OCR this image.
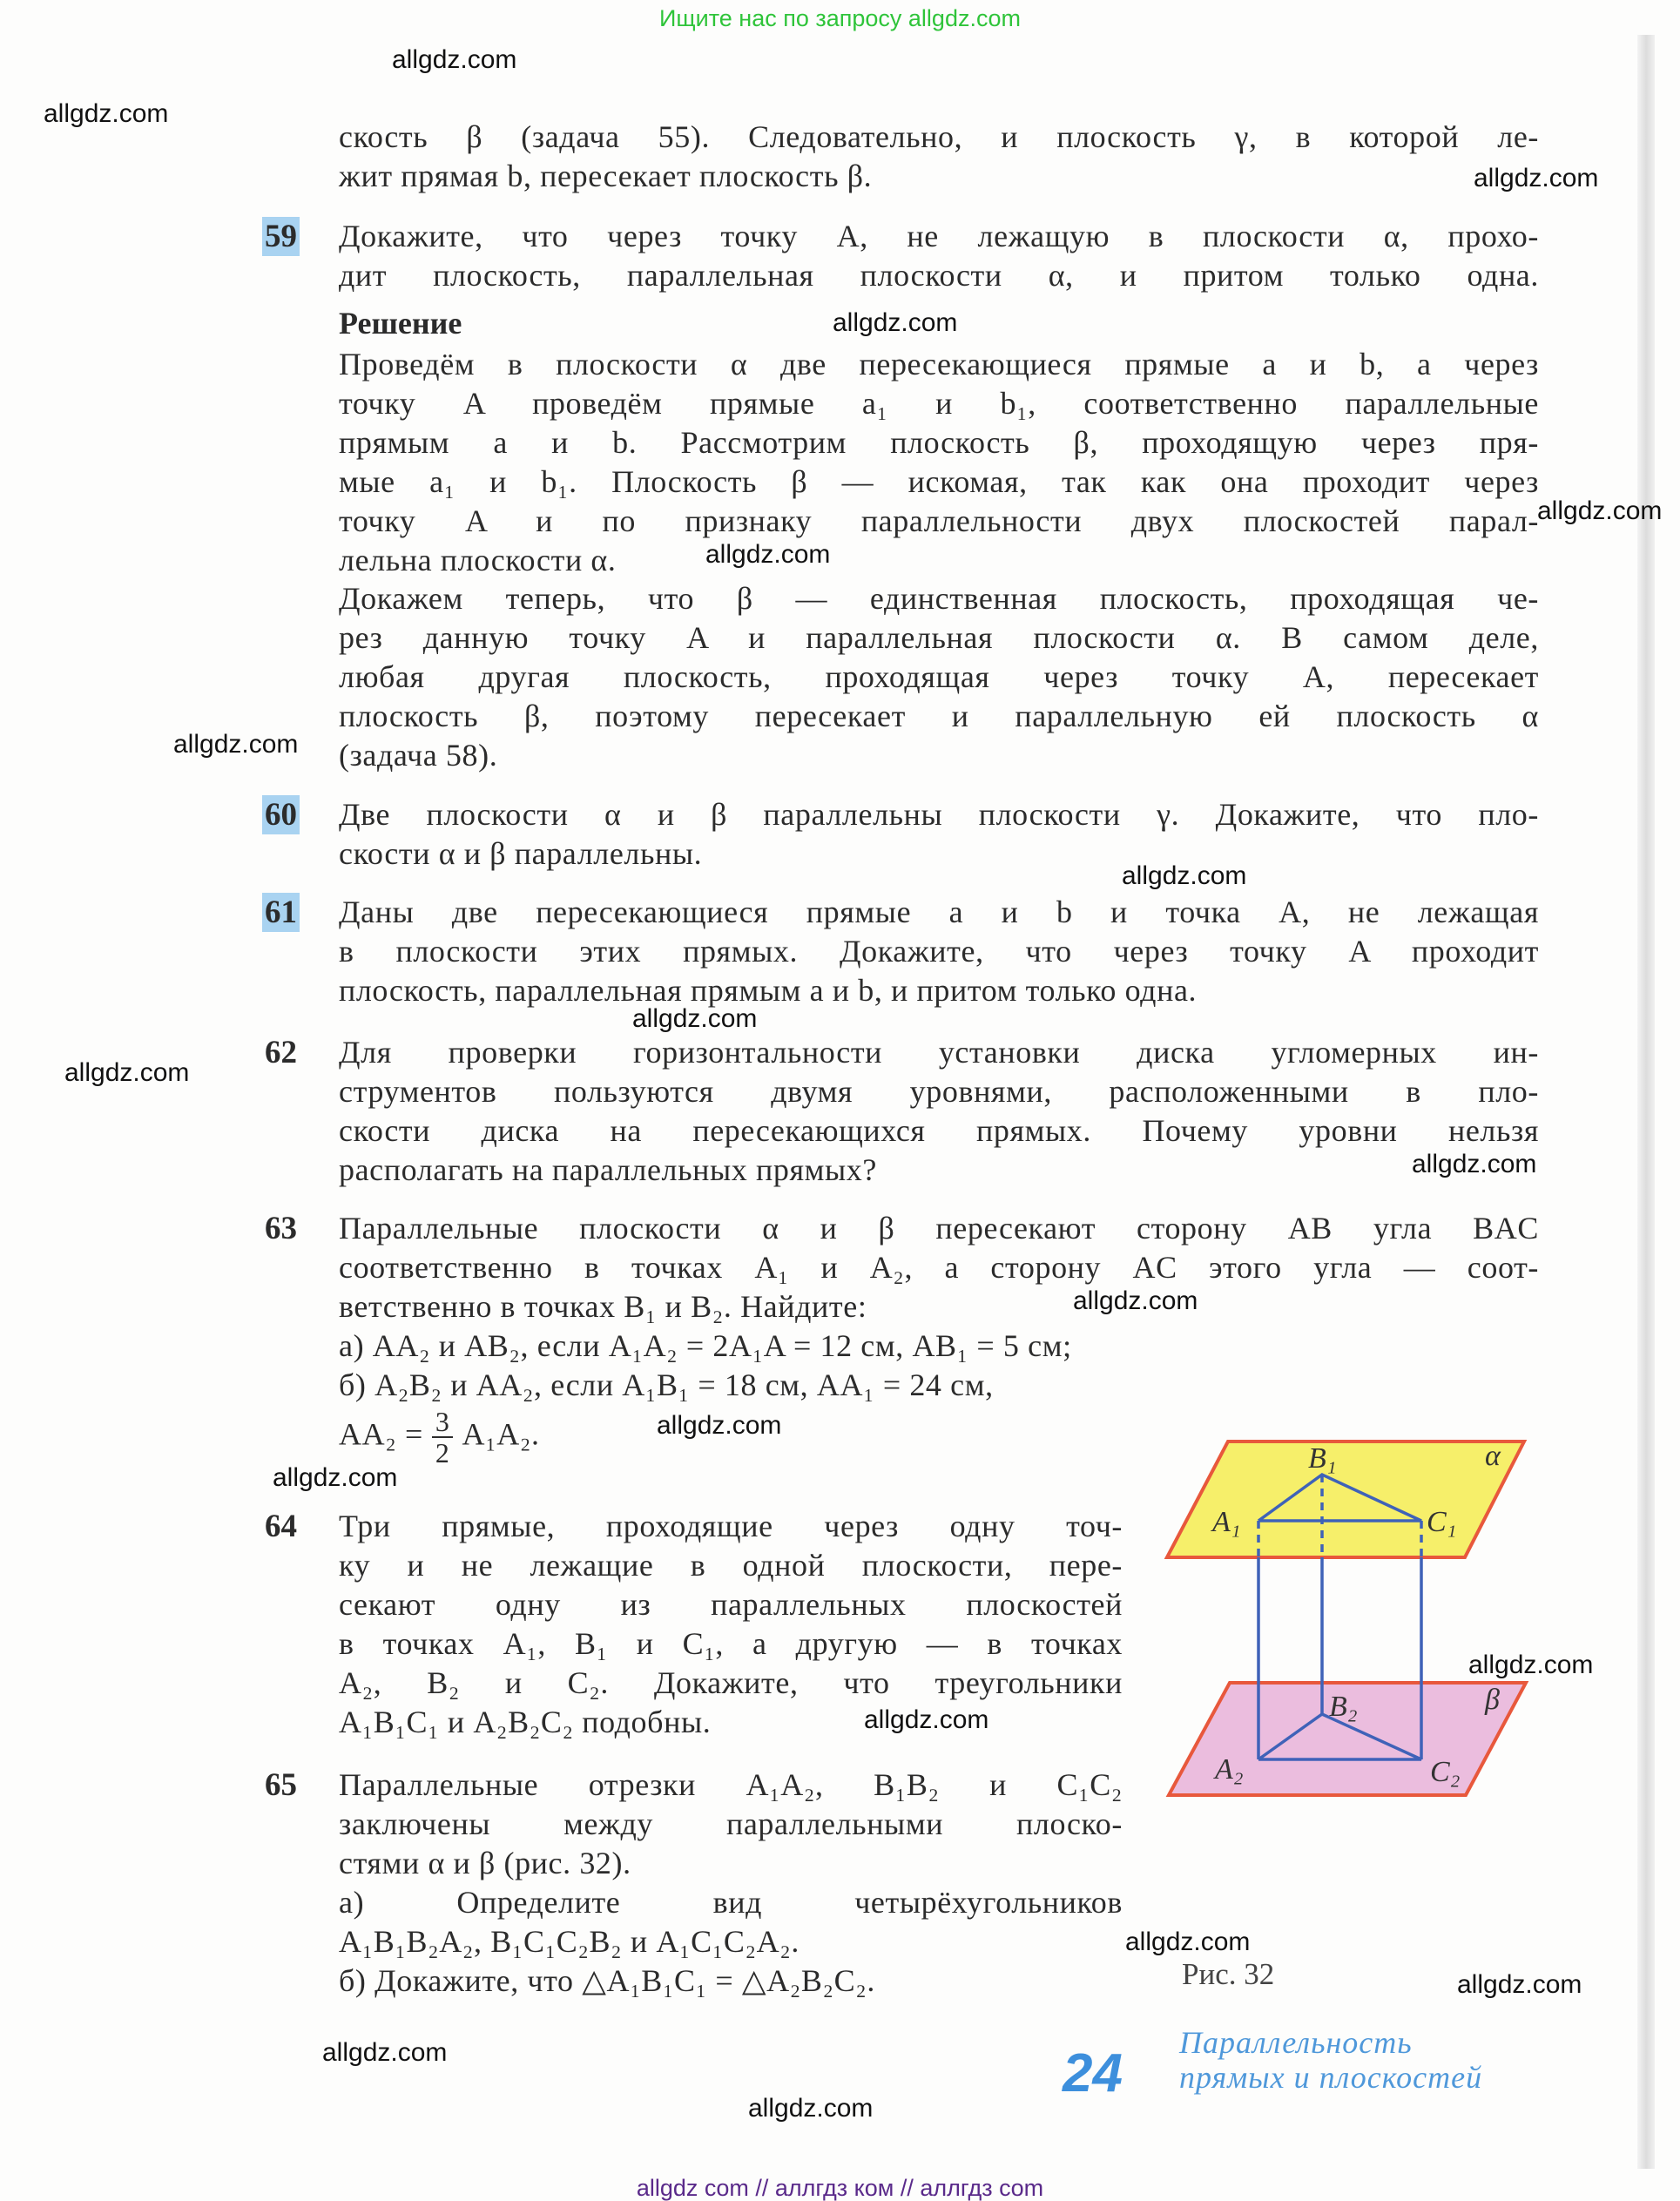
Ищите нас по запросу allgdz.com
скость β (задача 55). Следовательно, и плоскость γ, в которой ле-
жит прямая b, пересекает плоскость β.
59 Докажите, что через точку A, не лежащую в плоскости α, прохо-
дит плоскость, параллельная плоскости α, и притом только одна.
Решение
Проведём в плоскости α две пересекающиеся прямые a и b, а через
точку A проведём прямые a₁ и b₁, соответственно параллельные
прямым a и b. Рассмотрим плоскость β, проходящую через пря-
мые a₁ и b₁. Плоскость β — искомая, так как она проходит через
точку A и по признаку параллельности двух плоскостей парал-
лельна плоскости α.
Докажем теперь, что β — единственная плоскость, проходящая че-
рез данную точку A и параллельная плоскости α. В самом деле,
любая другая плоскость, проходящая через точку A, пересекает
плоскость β, поэтому пересекает и параллельную ей плоскость α
(задача 58).
60 Две плоскости α и β параллельны плоскости γ. Докажите, что пло-
скости α и β параллельны.
61 Даны две пересекающиеся прямые a и b и точка A, не лежащая
в плоскости этих прямых. Докажите, что через точку A проходит
плоскость, параллельная прямым a и b, и притом только одна.
62 Для проверки горизонтальности установки диска угломерных ин-
струментов пользуются двумя уровнями, расположенными в пло-
скости диска на пересекающихся прямых. Почему уровни нельзя
располагать на параллельных прямых?
63 Параллельные плоскости α и β пересекают сторону AB угла BAC
соответственно в точках A₁ и A₂, а сторону AC этого угла — соот-
ветственно в точках B₁ и B₂. Найдите:
а) AA₂ и AB₂, если A₁A₂ = 2A₁A = 12 см, AB₁ = 5 см;
б) A₂B₂ и AA₂, если A₁B₁ = 18 см, AA₁ = 24 см,
$AA_2 = \frac{3}{2} A_1A_2$.
64 Три прямые, проходящие через одну точ-
ку и не лежащие в одной плоскости, пере-
секают одну из параллельных плоскостей
в точках A₁, B₁ и C₁, а другую — в точках
A₂, B₂ и C₂. Докажите, что треугольники
A₁B₁C₁ и A₂B₂C₂ подобны.
65 Параллельные отрезки A₁A₂, B₁B₂ и C₁C₂
заключены между параллельными плоско-
стями α и β (рис. 32).
а) Определите вид четырёхугольников
A₁B₁B₂A₂, B₁C₁C₂B₂ и A₁C₁C₂A₂.
б) Докажите, что △A₁B₁C₁ = △A₂B₂C₂.
B₁
A₁	C₁
B₂
A₂	C₂
α
β
Рис. 32
24
Параллельность
прямых и плоскостей
allgdz.com
allgdz.com
allgdz.com
allgdz.com
allgdz.com
allgdz.com
allgdz.com
allgdz.com
allgdz.com
allgdz.com
allgdz.com
allgdz.com
allgdz.com
allgdz.com
allgdz.com
allgdz.com
allgdz.com
allgdz.com
allgdz.com
allgdz.com
allgdz com // аллгдз ком // аллгдз com
